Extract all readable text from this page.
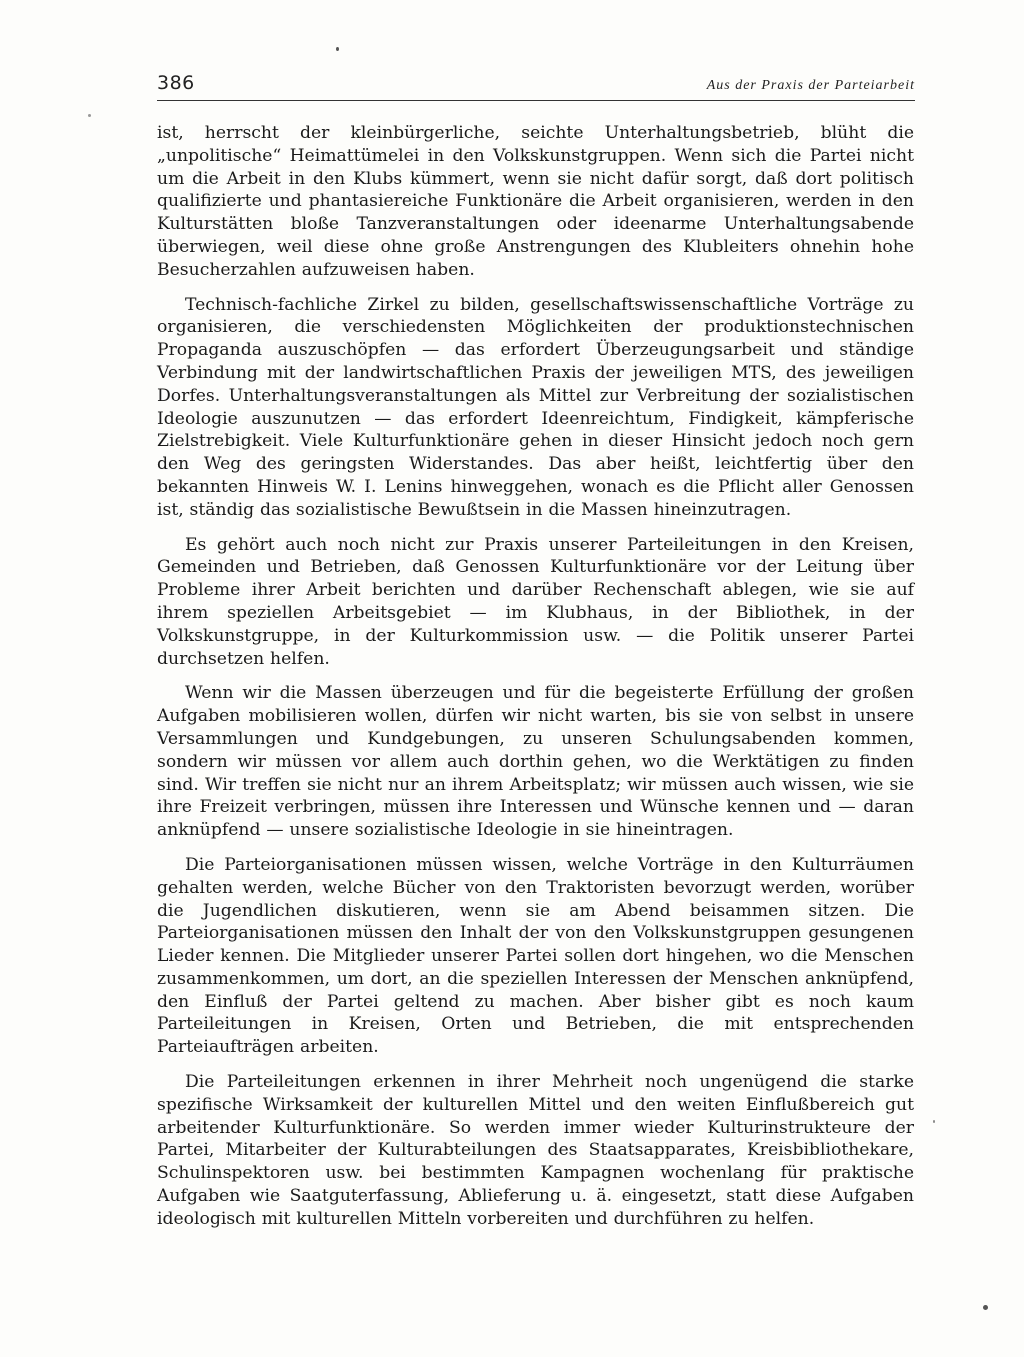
386	Aus der Praxis der Parteiarbeit

ist, herrscht der kleinbürgerliche, seichte Unterhaltungsbetrieb, blüht die „unpolitische“ Heimattümelei in den Volkskunstgruppen. Wenn sich die Partei nicht um die Arbeit in den Klubs kümmert, wenn sie nicht dafür sorgt, daß dort politisch qualifizierte und phantasiereiche Funktionäre die Arbeit organisieren, werden in den Kulturstätten bloße Tanzveranstaltungen oder ideenarme Unterhaltungsabende überwiegen, weil diese ohne große Anstrengungen des Klubleiters ohnehin hohe Besucherzahlen aufzuweisen haben.

Technisch-fachliche Zirkel zu bilden, gesellschaftswissenschaftliche Vorträge zu organisieren, die verschiedensten Möglichkeiten der produktionstechnischen Propaganda auszuschöpfen — das erfordert Überzeugungsarbeit und ständige Verbindung mit der landwirtschaftlichen Praxis der jeweiligen MTS, des jeweiligen Dorfes. Unterhaltungsveranstaltungen als Mittel zur Verbreitung der sozialistischen Ideologie auszunutzen — das erfordert Ideenreichtum, Findigkeit, kämpferische Zielstrebigkeit. Viele Kulturfunktionäre gehen in dieser Hinsicht jedoch noch gern den Weg des geringsten Widerstandes. Das aber heißt, leichtfertig über den bekannten Hinweis W. I. Lenins hinweggehen, wonach es die Pflicht aller Genossen ist, ständig das sozialistische Bewußtsein in die Massen hineinzutragen.

Es gehört auch noch nicht zur Praxis unserer Parteileitungen in den Kreisen, Gemeinden und Betrieben, daß Genossen Kulturfunktionäre vor der Leitung über Probleme ihrer Arbeit berichten und darüber Rechenschaft ablegen, wie sie auf ihrem speziellen Arbeitsgebiet — im Klubhaus, in der Bibliothek, in der Volkskunstgruppe, in der Kulturkommission usw. — die Politik unserer Partei durchsetzen helfen.

Wenn wir die Massen überzeugen und für die begeisterte Erfüllung der großen Aufgaben mobilisieren wollen, dürfen wir nicht warten, bis sie von selbst in unsere Versammlungen und Kundgebungen, zu unseren Schulungsabenden kommen, sondern wir müssen vor allem auch dorthin gehen, wo die Werktätigen zu finden sind. Wir treffen sie nicht nur an ihrem Arbeitsplatz; wir müssen auch wissen, wie sie ihre Freizeit verbringen, müssen ihre Interessen und Wünsche kennen und — daran anknüpfend — unsere sozialistische Ideologie in sie hineintragen.

Die Parteiorganisationen müssen wissen, welche Vorträge in den Kulturräumen gehalten werden, welche Bücher von den Traktoristen bevorzugt werden, worüber die Jugendlichen diskutieren, wenn sie am Abend beisammen sitzen. Die Parteiorganisationen müssen den Inhalt der von den Volkskunstgruppen gesungenen Lieder kennen. Die Mitglieder unserer Partei sollen dort hingehen, wo die Menschen zusammenkommen, um dort, an die speziellen Interessen der Menschen anknüpfend, den Einfluß der Partei geltend zu machen. Aber bisher gibt es noch kaum Parteileitungen in Kreisen, Orten und Betrieben, die mit entsprechenden Parteiaufträgen arbeiten.

Die Parteileitungen erkennen in ihrer Mehrheit noch ungenügend die starke spezifische Wirksamkeit der kulturellen Mittel und den weiten Einflußbereich gut arbeitender Kulturfunktionäre. So werden immer wieder Kulturinstrukteure der Partei, Mitarbeiter der Kulturabteilungen des Staatsapparates, Kreisbibliothekare, Schulinspektoren usw. bei bestimmten Kampagnen wochenlang für praktische Aufgaben wie Saatguterfassung, Ablieferung u. ä. eingesetzt, statt diese Aufgaben ideologisch mit kulturellen Mitteln vorbereiten und durchführen zu helfen.
